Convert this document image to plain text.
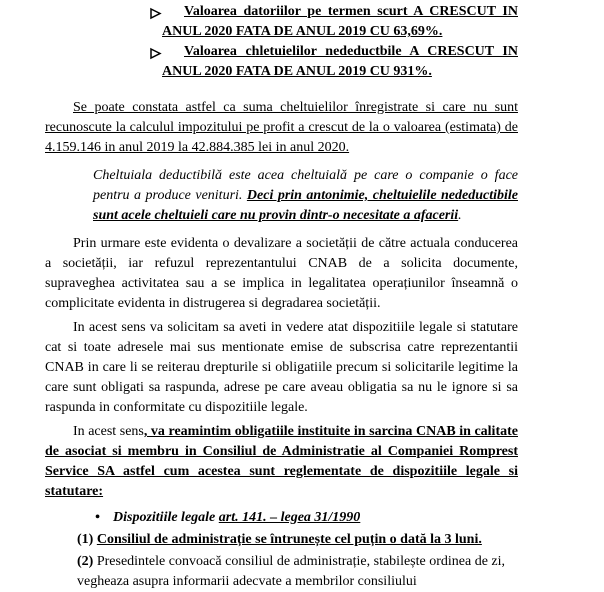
Valoarea datoriilor pe termen scurt A CRESCUT IN ANUL 2020 FATA DE ANUL 2019 CU 63,69%.
Valoarea chletuielilor nedeductbile A CRESCUT IN ANUL 2020 FATA DE ANUL 2019 CU 931%.

Se poate constata astfel ca suma cheltuielilor înregistrate si care nu sunt recunoscute la calculul impozitului pe profit a crescut de la o valoarea (estimata) de 4.159.146 in anul 2019 la 42.884.385 lei in anul 2020.

Cheltuiala deductibilă este acea cheltuială pe care o companie o face pentru a produce venituri. Deci prin antonimie, cheltuielile nedeductibile sunt acele cheltuieli care nu provin dintr-o necesitate a afacerii.

Prin urmare este evidenta o devalizare a societății de către actuala conducerea a societății, iar refuzul reprezentantului CNAB de a solicita documente, supraveghea activitatea sau a se implica in legalitatea operațiunilor înseamnă o complicitate evidenta in distrugerea si degradarea societății.

In acest sens va solicitam sa aveti in vedere atat dispozitiile legale si statutare cat si toate adresele mai sus mentionate emise de subscrisa catre reprezentantii CNAB in care li se reiterau drepturile si obligatiile precum si solicitarile legitime la care sunt obligati sa raspunda, adrese pe care aveau obligatia sa nu le ignore si sa raspunda in conformitate cu dispozitiile legale.

In acest sens, va reamintim obligatiile instituite in sarcina CNAB in calitate de asociat si membru in Consiliul de Administratie al Companiei Romprest Service SA astfel cum acestea sunt reglementate de dispozitiile legale si statutare:

• Dispozitiile legale art. 141. – legea 31/1990
(1) Consiliul de administrație se întrunește cel puțin o dată la 3 luni.
(2) Presedintele convoacă consiliul de administrație, stabilește ordinea de zi, vegheaza asupra informarii adecvate a membrilor consiliului
